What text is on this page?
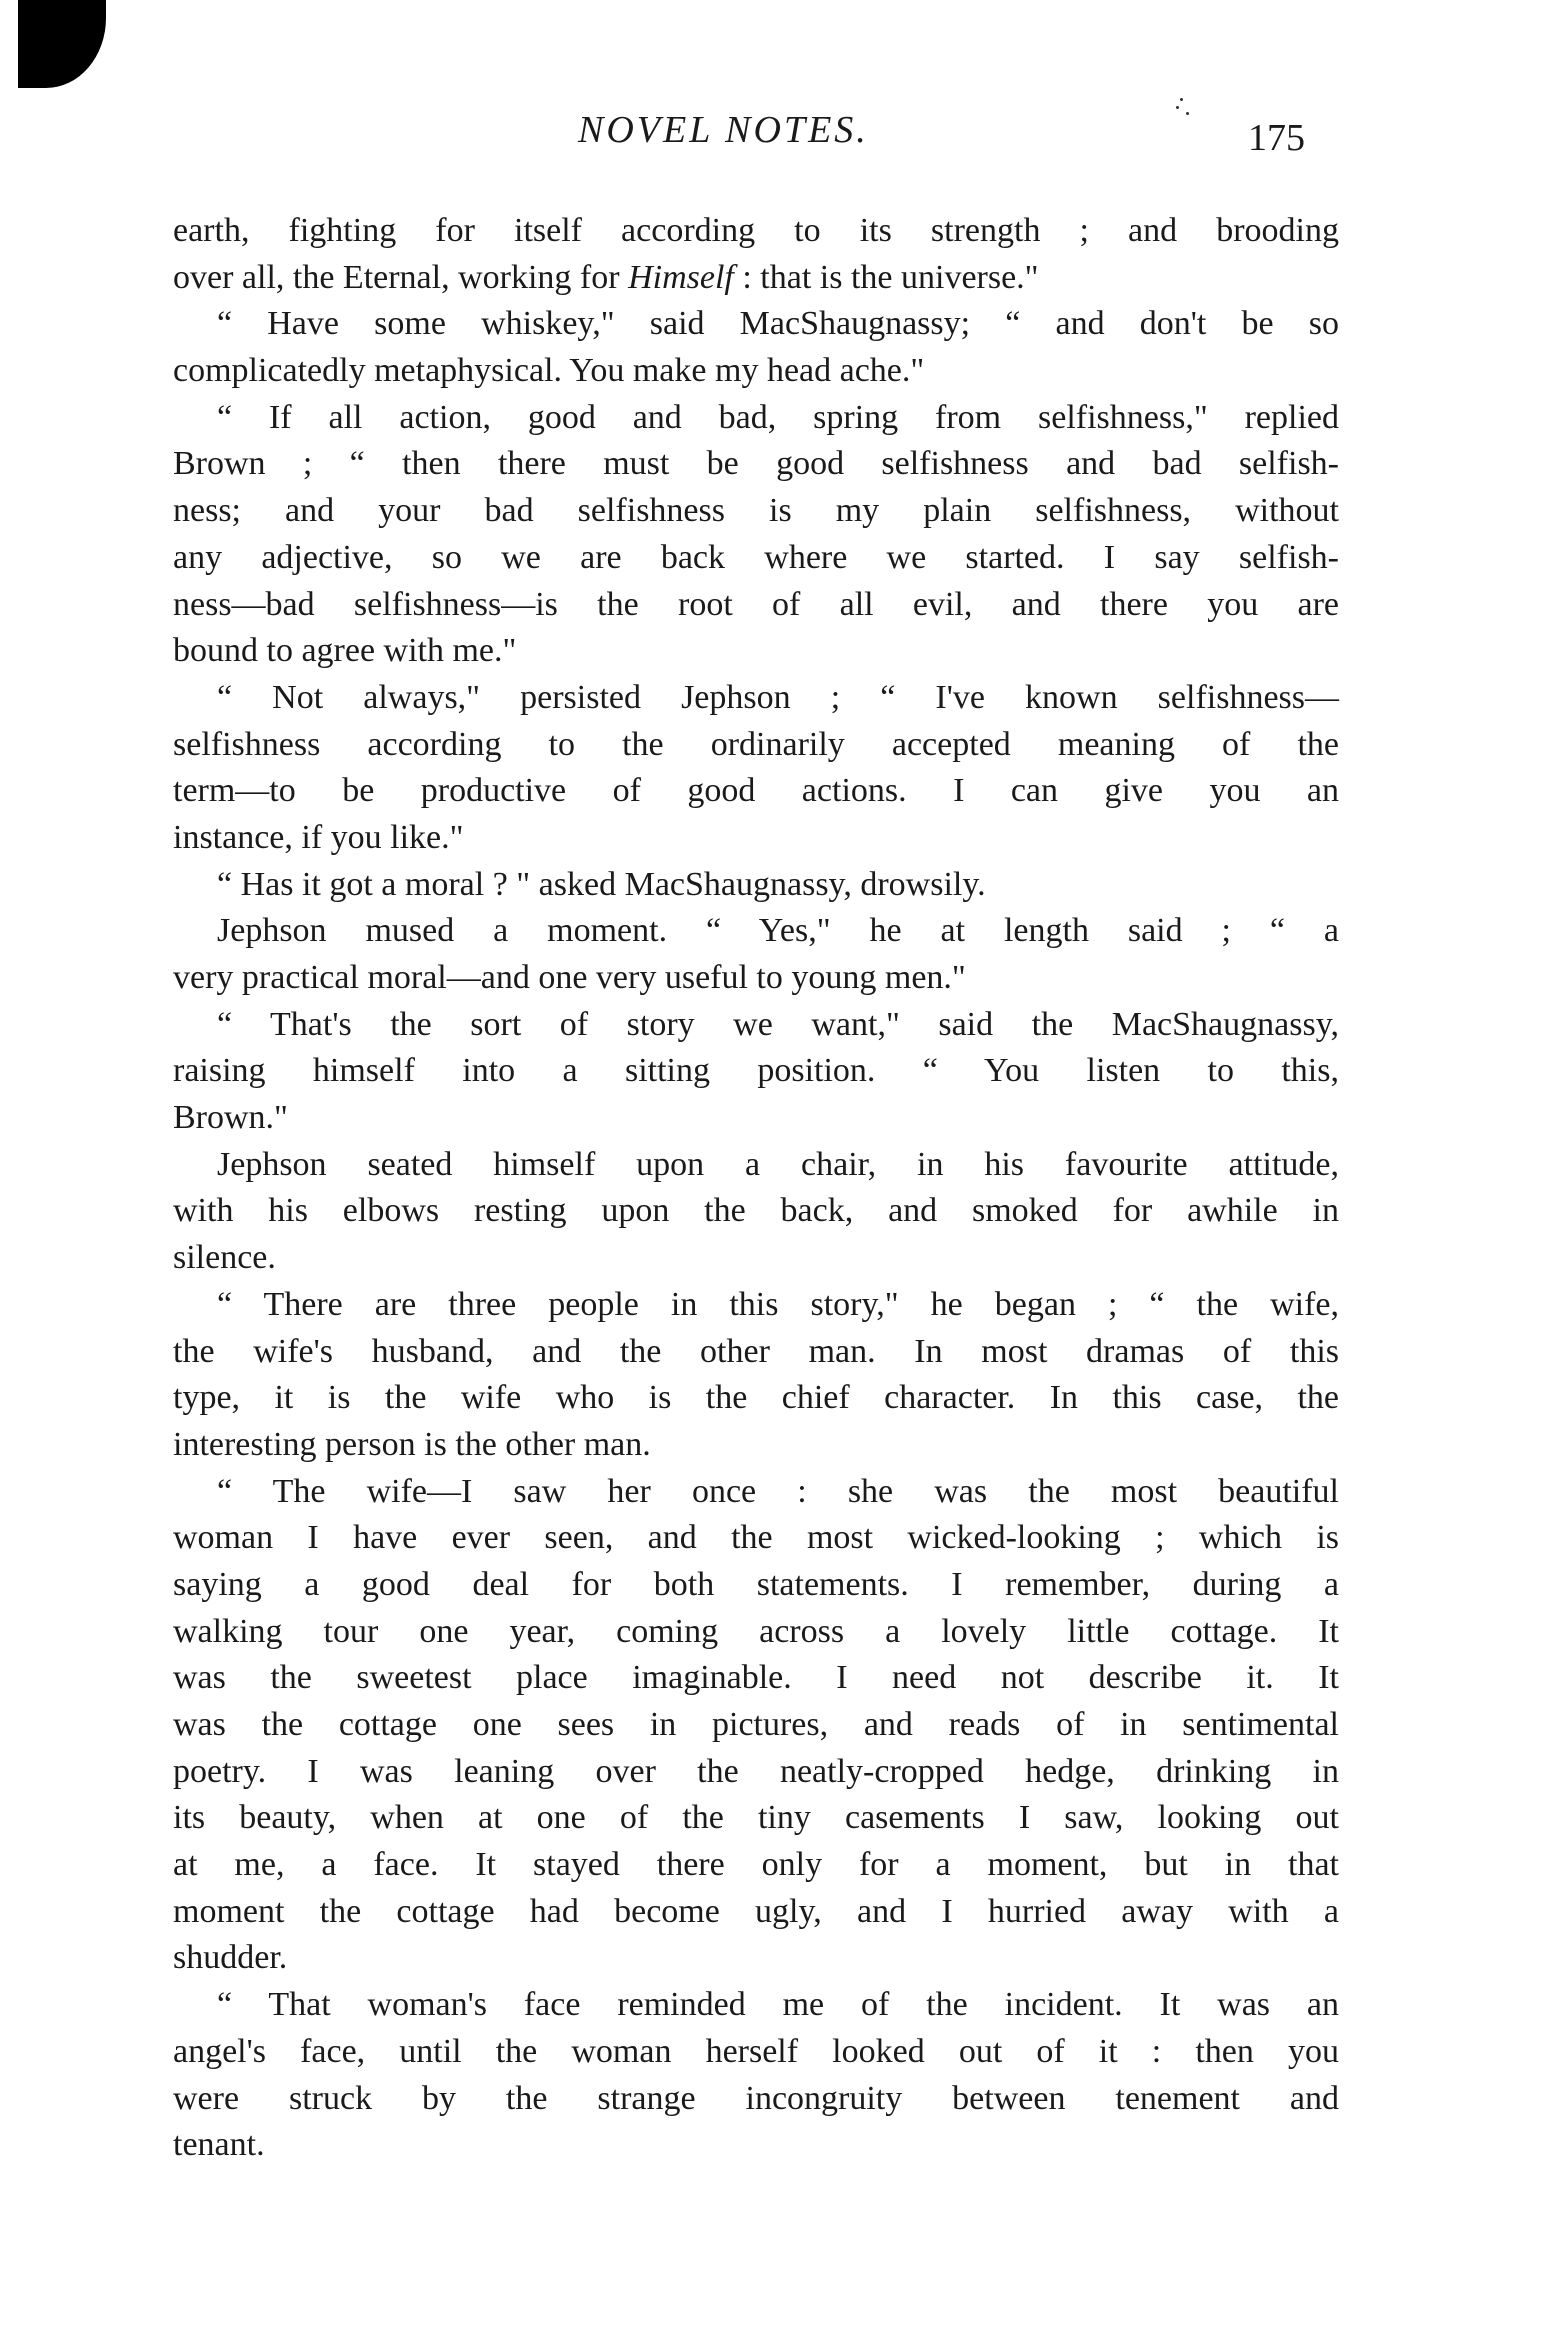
NOVEL NOTES.	175
earth, fighting for itself according to its strength ; and brooding
over all, the Eternal, working for Himself : that is the universe."
“ Have some whiskey," said MacShaugnassy; “ and don't be so
complicatedly metaphysical. You make my head ache."
“ If all action, good and bad, spring from selfishness," replied
Brown ; “ then there must be good selfishness and bad selfish-
ness; and your bad selfishness is my plain selfishness, without
any adjective, so we are back where we started. I say selfish-
ness—bad selfishness—is the root of all evil, and there you are
bound to agree with me."
“ Not always," persisted Jephson ; “ I've known selfishness—
selfishness according to the ordinarily accepted meaning of the
term—to be productive of good actions. I can give you an
instance, if you like."
“ Has it got a moral ? " asked MacShaugnassy, drowsily.
Jephson mused a moment. “ Yes," he at length said ; “ a
very practical moral—and one very useful to young men."
“ That's the sort of story we want," said the MacShaugnassy,
raising himself into a sitting position. “ You listen to this,
Brown."
Jephson seated himself upon a chair, in his favourite attitude,
with his elbows resting upon the back, and smoked for awhile in
silence.
“ There are three people in this story," he began ; “ the wife,
the wife's husband, and the other man. In most dramas of this
type, it is the wife who is the chief character. In this case, the
interesting person is the other man.
“ The wife—I saw her once : she was the most beautiful
woman I have ever seen, and the most wicked-looking ; which is
saying a good deal for both statements. I remember, during a
walking tour one year, coming across a lovely little cottage. It
was the sweetest place imaginable. I need not describe it. It
was the cottage one sees in pictures, and reads of in sentimental
poetry. I was leaning over the neatly-cropped hedge, drinking in
its beauty, when at one of the tiny casements I saw, looking out
at me, a face. It stayed there only for a moment, but in that
moment the cottage had become ugly, and I hurried away with a
shudder.
“ That woman's face reminded me of the incident. It was an
angel's face, until the woman herself looked out of it : then you
were struck by the strange incongruity between tenement and
tenant.
